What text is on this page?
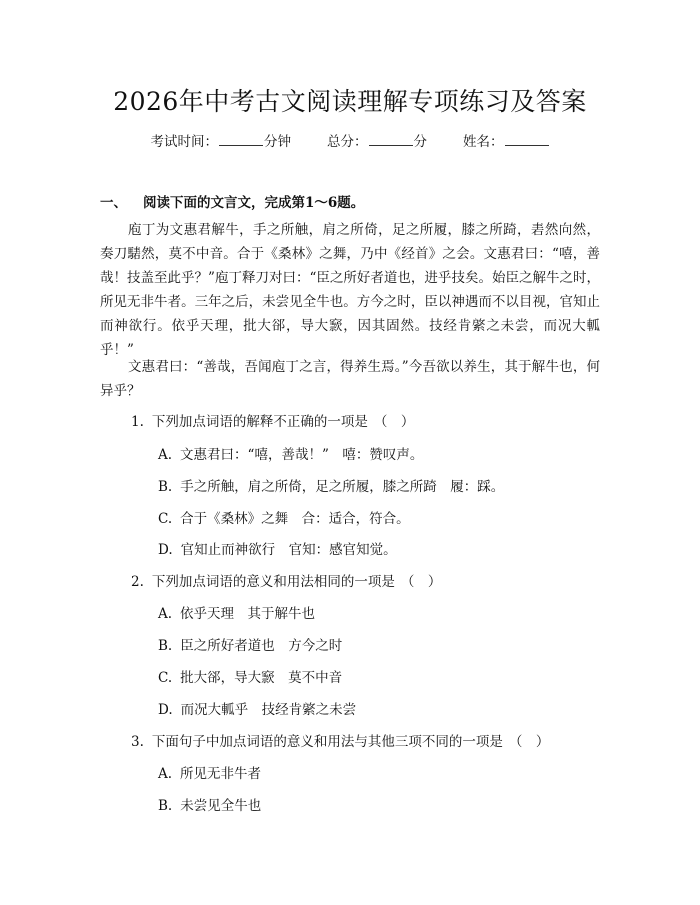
2026年中考古文阅读理解专项练习及答案
考试时间：	分钟	总分：	分	姓名：
一、 阅读下面的文言文，完成第1～6题。
庖丁为文惠君解牛，手之所触，肩之所倚，足之所履，膝之所踦，砉然向然，奏刀騞然，莫不中音。合于《桑林》之舞，乃中《经首》之会。文惠君曰：“嘻，善哉！技盖至此乎？”庖丁释刀对曰：“臣之所好者道也，进乎技矣。始臣之解牛之时，所见无非牛者。三年之后，未尝见全牛也。方今之时，臣以神遇而不以目视，官知止而神欲行。依乎天理，批大郤，导大窾，因其固然。技经肯綮之未尝，而况大軱乎！”
文惠君曰：“善哉，吾闻庖丁之言，得养生焉。”今吾欲以养生，其于解牛也，何异乎？
1. 下列加点词语的解释不正确的一项是 （　）
A. 文惠君曰：“嘻，善哉！”　嘻：赞叹声。
B. 手之所触，肩之所倚，足之所履，膝之所踦　履：踩。
C. 合于《桑林》之舞　合：适合，符合。
D. 官知止而神欲行　官知：感官知觉。
2. 下列加点词语的意义和用法相同的一项是 （　）
A. 依乎天理　其于解牛也
B. 臣之所好者道也　方今之时
C. 批大郤，导大窾　莫不中音
D. 而况大軱乎　技经肯綮之未尝
3. 下面句子中加点词语的意义和用法与其他三项不同的一项是 （　）
A. 所见无非牛者
B. 未尝见全牛也
